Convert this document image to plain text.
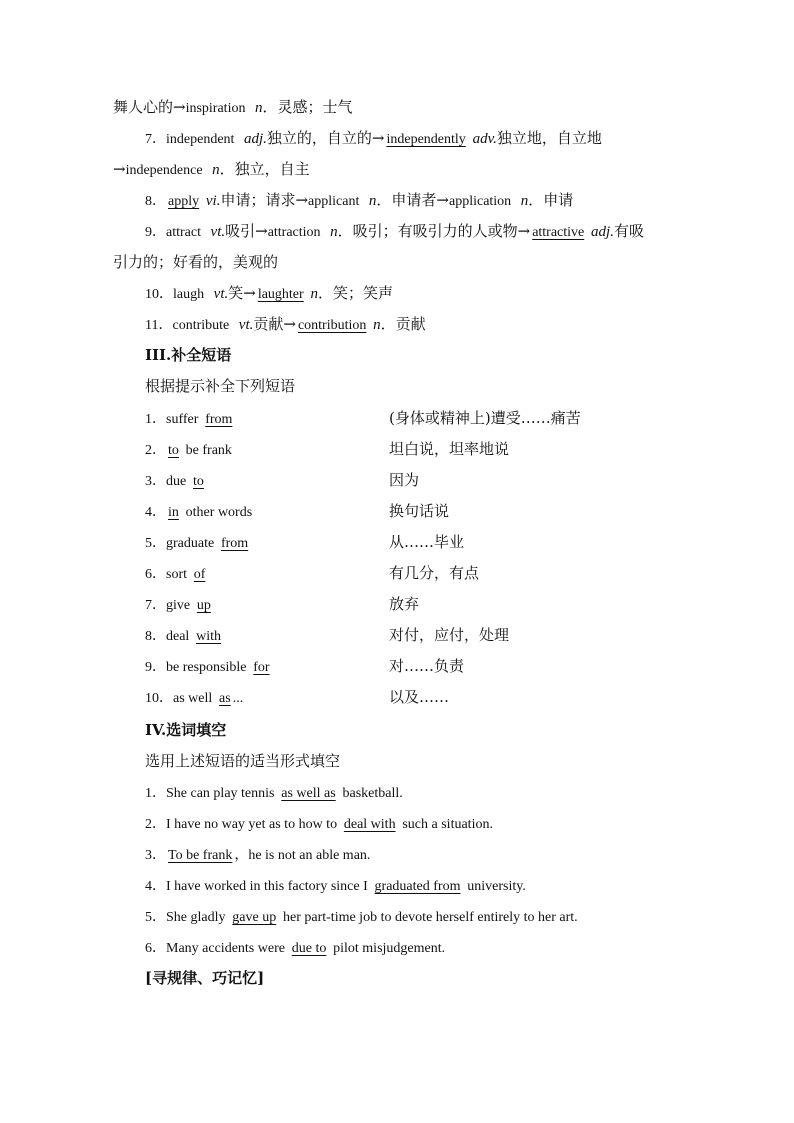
舞人心的→inspiration n．灵感；士气
7．independent adj.独立的，自立的→ independently adv.独立地，自立地
→independence n．独立，自主
8． apply vi.申请；请求→applicant n．申请者→application n．申请
9．attract vt.吸引→attraction n．吸引；有吸引力的人或物→ attractive adj.有吸
引力的；好看的，美观的
10．laugh vt.笑→ laughter n．笑；笑声
11．contribute vt.贡献→ contribution n．贡献
III.补全短语
根据提示补全下列短语
1．suffer from	(身体或精神上)遭受……痛苦
2． to be frank	坦白说，坦率地说
3．due to	因为
4． in other words	换句话说
5．graduate from	从……毕业
6．sort of	有几分，有点
7．give up	放弃
8．deal with	对付，应付，处理
9．be responsible for	对……负责
10．as well as ...	以及……
IV.选词填空
选用上述短语的适当形式填空
1．She can play tennis as well as basketball.
2．I have no way yet as to how to deal with such a situation.
3． To be frank ，he is not an able man.
4．I have worked in this factory since I graduated from university.
5．She gladly gave up her part-time job to devote herself entirely to her art.
6．Many accidents were due to pilot misjudgement.
[寻规律、巧记忆]
